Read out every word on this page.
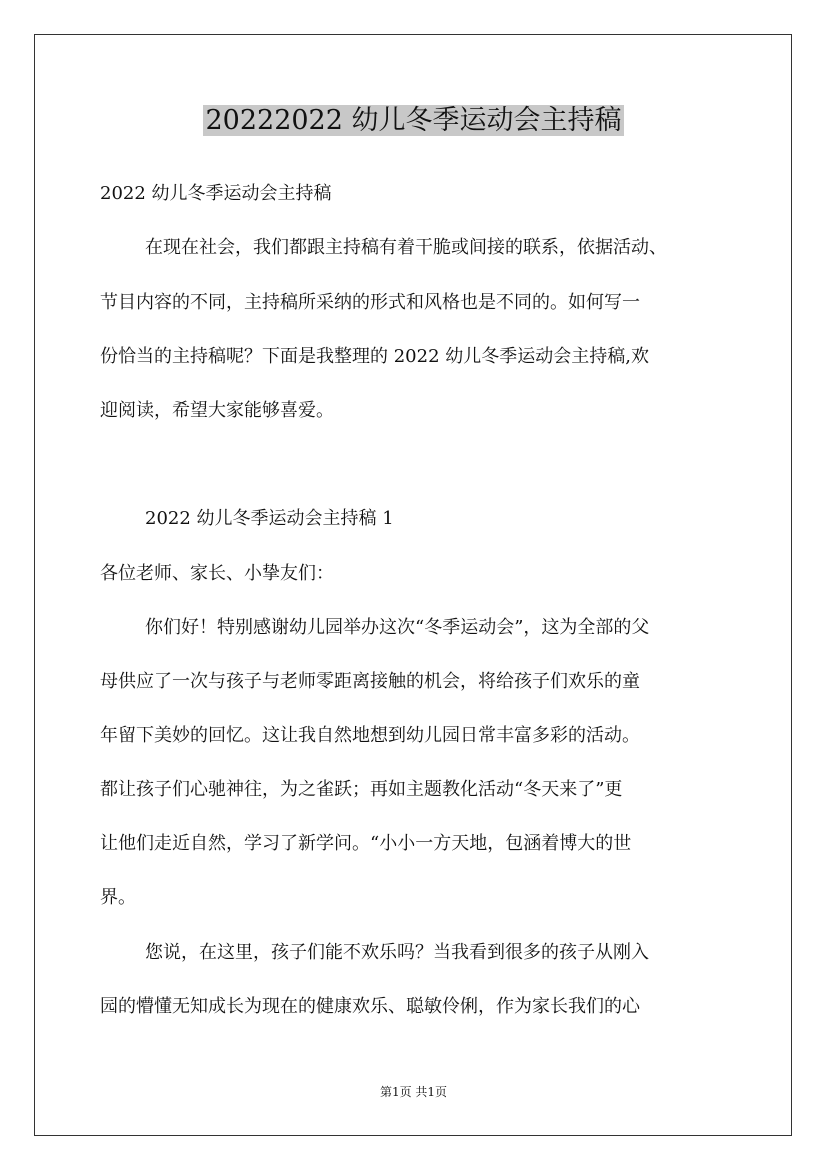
20222022 幼儿冬季运动会主持稿
2022 幼儿冬季运动会主持稿
在现在社会，我们都跟主持稿有着干脆或间接的联系，依据活动、
节目内容的不同，主持稿所采纳的形式和风格也是不同的。如何写一
份恰当的主持稿呢？下面是我整理的 2022 幼儿冬季运动会主持稿,欢
迎阅读，希望大家能够喜爱。
2022 幼儿冬季运动会主持稿 1
各位老师、家长、小挚友们：
你们好！特别感谢幼儿园举办这次“冬季运动会”，这为全部的父
母供应了一次与孩子与老师零距离接触的机会，将给孩子们欢乐的童
年留下美妙的回忆。这让我自然地想到幼儿园日常丰富多彩的活动。
都让孩子们心驰神往，为之雀跃；再如主题教化活动“冬天来了”更
让他们走近自然，学习了新学问。“小小一方天地，包涵着博大的世
界。
您说，在这里，孩子们能不欢乐吗？当我看到很多的孩子从刚入
园的懵懂无知成长为现在的健康欢乐、聪敏伶俐，作为家长我们的心
第1页 共1页
